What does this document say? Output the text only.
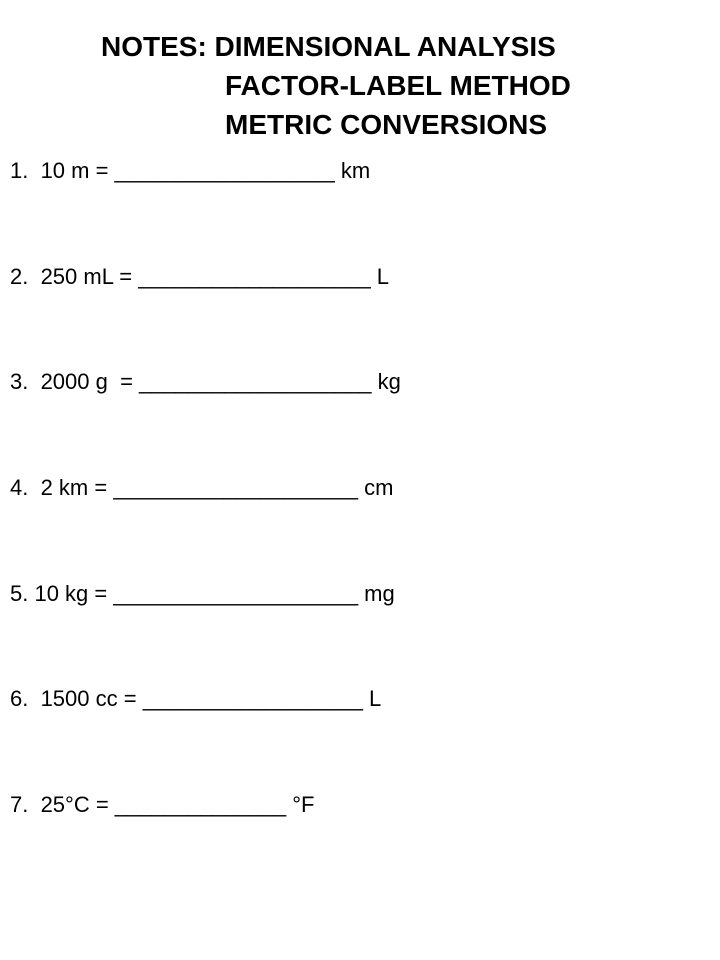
NOTES: DIMENSIONAL ANALYSIS
FACTOR-LABEL METHOD
METRIC CONVERSIONS
1.  10 m = __________________ km
2.  250 mL = ___________________ L
3.  2000 g  = ___________________ kg
4.  2 km = ____________________ cm
5. 10 kg = ____________________ mg
6.  1500 cc = __________________ L
7.  25°C = ______________ °F
